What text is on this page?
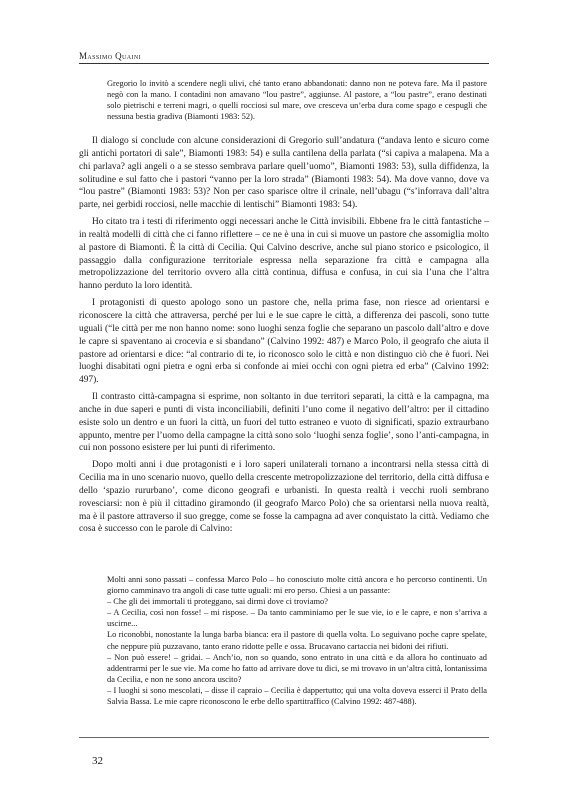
Massimo Quaini

Gregorio lo invitò a scendere negli ulivi, ché tanto erano abbandonati: danno non ne poteva fare. Ma il pastore negò con la mano. I contadini non amavano “lou pastre”, aggiunse. Al pastore, a “lou pastre”, erano destinati solo pietrischi e terreni magri, o quelli rocciosi sul mare, ove cresceva un’erba dura come spago e cespugli che nessuna bestia gradiva (Biamonti 1983: 52).

Il dialogo si conclude con alcune considerazioni di Gregorio sull’andatura (“andava lento e sicuro come gli antichi portatori di sale”, Biamonti 1983: 54) e sulla cantilena della parlata (“si capiva a malapena. Ma a chi parlava? agli angeli o a se stesso sembrava parlare quell’uomo”, Biamonti 1983: 53), sulla diffidenza, la solitudine e sul fatto che i pastori “vanno per la loro strada” (Biamonti 1983: 54). Ma dove vanno, dove va “lou pastre” (Biamonti 1983: 53)? Non per caso sparisce oltre il crinale, nell’ubagu (“s’inforrava dall’altra parte, nei gerbidi rocciosi, nelle macchie di lentischi” Biamonti 1983: 54).

Ho citato tra i testi di riferimento oggi necessari anche le Città invisibili. Ebbene fra le città fantastiche – in realtà modelli di città che ci fanno riflettere – ce ne è una in cui si muove un pastore che assomiglia molto al pastore di Biamonti. È la città di Cecilia. Qui Calvino descrive, anche sul piano storico e psicologico, il passaggio dalla configurazione territoriale espressa nella separazione fra città e campagna alla metropolizzazione del territorio ovvero alla città continua, diffusa e confusa, in cui sia l’una che l’altra hanno perduto la loro identità.

I protagonisti di questo apologo sono un pastore che, nella prima fase, non riesce ad orientarsi e riconoscere la città che attraversa, perché per lui e le sue capre le città, a differenza dei pascoli, sono tutte uguali (“le città per me non hanno nome: sono luoghi senza foglie che separano un pascolo dall’altro e dove le capre si spaventano ai crocevia e si sbandano” (Calvino 1992: 487) e Marco Polo, il geografo che aiuta il pastore ad orientarsi e dice: “al contrario di te, io riconosco solo le città e non distinguo ciò che è fuori. Nei luoghi disabitati ogni pietra e ogni erba si confonde ai miei occhi con ogni pietra ed erba” (Calvino 1992: 497).

Il contrasto città-campagna si esprime, non soltanto in due territori separati, la città e la campagna, ma anche in due saperi e punti di vista inconciliabili, definiti l’uno come il negativo dell’altro: per il cittadino esiste solo un dentro e un fuori la città, un fuori del tutto estraneo e vuoto di significati, spazio extraurbano appunto, mentre per l’uomo della campagne la città sono solo ‘luoghi senza foglie’, sono l’anti-campagna, in cui non possono esistere per lui punti di riferimento.

Dopo molti anni i due protagonisti e i loro saperi unilaterali tornano a incontrarsi nella stessa città di Cecilia ma in uno scenario nuovo, quello della crescente metropolizzazione del territorio, della città diffusa e dello ‘spazio rururbano’, come dicono geografi e urbanisti. In questa realtà i vecchi ruoli sembrano rovesciarsi: non è più il cittadino giramondo (il geografo Marco Polo) che sa orientarsi nella nuova realtà, ma è il pastore attraverso il suo gregge, come se fosse la campagna ad aver conquistato la città. Vediamo che cosa è successo con le parole di Calvino:

Molti anni sono passati – confessa Marco Polo – ho conosciuto molte città ancora e ho percorso continenti. Un giorno camminavo tra angoli di case tutte uguali: mi ero perso. Chiesi a un passante:

– Che gli dei immortali ti proteggano, sai dirmi dove ci troviamo?

– A Cecilia, così non fosse! – mi rispose. – Da tanto camminiamo per le sue vie, io e le capre, e non s’arriva a uscirne...

Lo riconobbi, nonostante la lunga barba bianca: era il pastore di quella volta. Lo seguivano poche capre spelate, che neppure più puzzavano, tanto erano ridotte pelle e ossa. Brucavano cartaccia nei bidoni dei rifiuti.

– Non può essere! – gridai. – Anch’io, non so quando, sono entrato in una città e da allora ho continuato ad addentrarmi per le sue vie. Ma come ho fatto ad arrivare dove tu dici, se mi trovavo in un’altra città, lontanissima da Cecilia, e non ne sono ancora uscito?

– I luoghi si sono mescolati, – disse il capraio – Cecilia è dappertutto; qui una volta doveva esserci il Prato della Salvia Bassa. Le mie capre riconoscono le erbe dello spartitraffico (Calvino 1992: 487-488).

32
